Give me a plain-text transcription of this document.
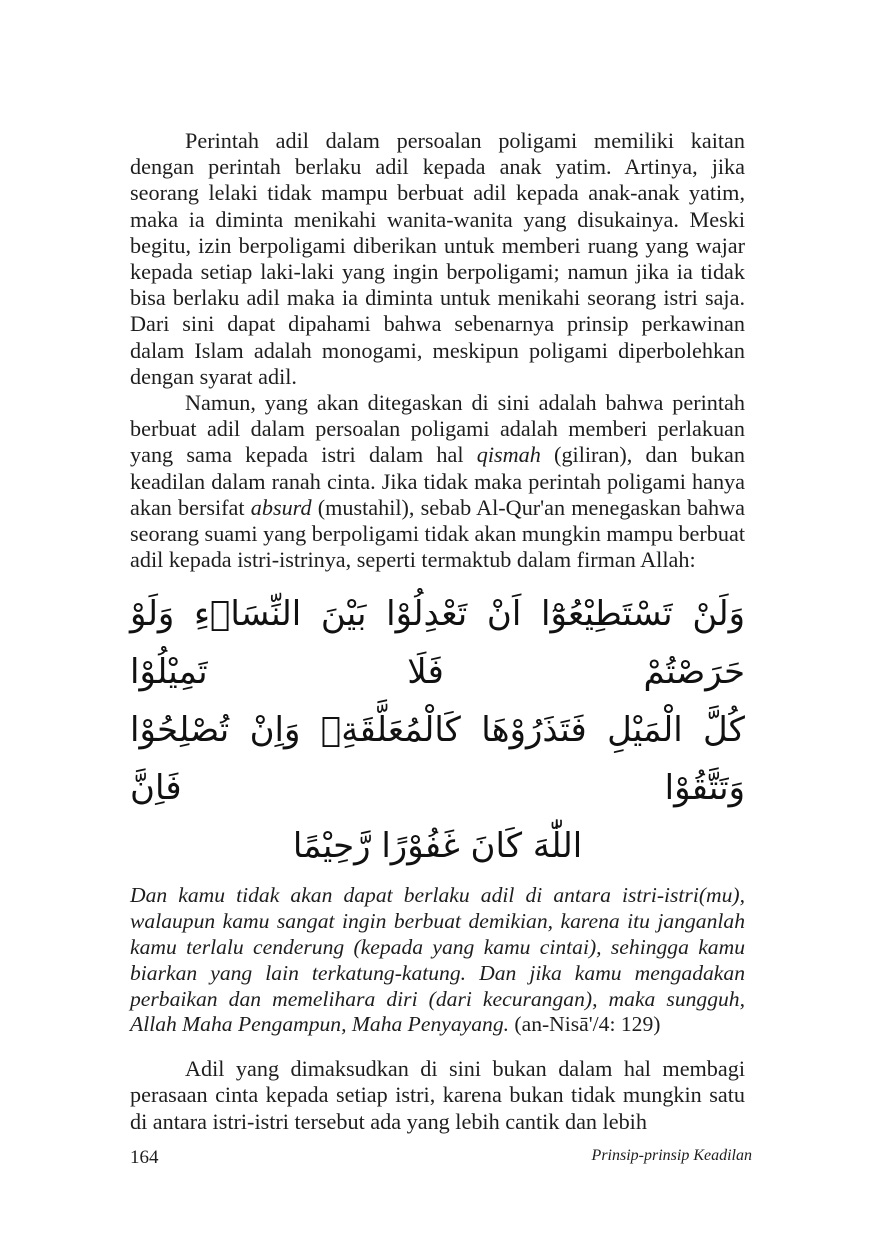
Perintah adil dalam persoalan poligami memiliki kaitan dengan perintah berlaku adil kepada anak yatim. Artinya, jika seorang lelaki tidak mampu berbuat adil kepada anak-anak yatim, maka ia diminta menikahi wanita-wanita yang disukainya. Meski begitu, izin berpoligami diberikan untuk memberi ruang yang wajar kepada setiap laki-laki yang ingin berpoligami; namun jika ia tidak bisa berlaku adil maka ia diminta untuk menikahi seorang istri saja. Dari sini dapat dipahami bahwa sebenarnya prinsip perkawinan dalam Islam adalah monogami, meskipun poligami diperbolehkan dengan syarat adil.

Namun, yang akan ditegaskan di sini adalah bahwa perintah berbuat adil dalam persoalan poligami adalah memberi perlakuan yang sama kepada istri dalam hal qismah (giliran), dan bukan keadilan dalam ranah cinta. Jika tidak maka perintah poligami hanya akan bersifat absurd (mustahil), sebab Al-Qur'an menegaskan bahwa seorang suami yang berpoligami tidak akan mungkin mampu berbuat adil kepada istri-istrinya, seperti termaktub dalam firman Allah:

وَلَنْ تَسْتَطِيْعُوْٓا اَنْ تَعْدِلُوْا بَيْنَ النِّسَاۤءِ وَلَوْ حَرَصْتُمْ فَلَا تَمِيْلُوْا
كُلَّ الْمَيْلِ فَتَذَرُوْهَا كَالْمُعَلَّقَةِۗ وَاِنْ تُصْلِحُوْا وَتَتَّقُوْا فَاِنَّ
اللّٰهَ كَانَ غَفُوْرًا رَّحِيْمًا

Dan kamu tidak akan dapat berlaku adil di antara istri-istri(mu), walaupun kamu sangat ingin berbuat demikian, karena itu janganlah kamu terlalu cenderung (kepada yang kamu cintai), sehingga kamu biarkan yang lain terkatung-katung. Dan jika kamu mengadakan perbaikan dan memelihara diri (dari kecurangan), maka sungguh, Allah Maha Pengampun, Maha Penyayang. (an-Nisā'/4: 129)

Adil yang dimaksudkan di sini bukan dalam hal membagi perasaan cinta kepada setiap istri, karena bukan tidak mungkin satu di antara istri-istri tersebut ada yang lebih cantik dan lebih

164	Prinsip-prinsip Keadilan
